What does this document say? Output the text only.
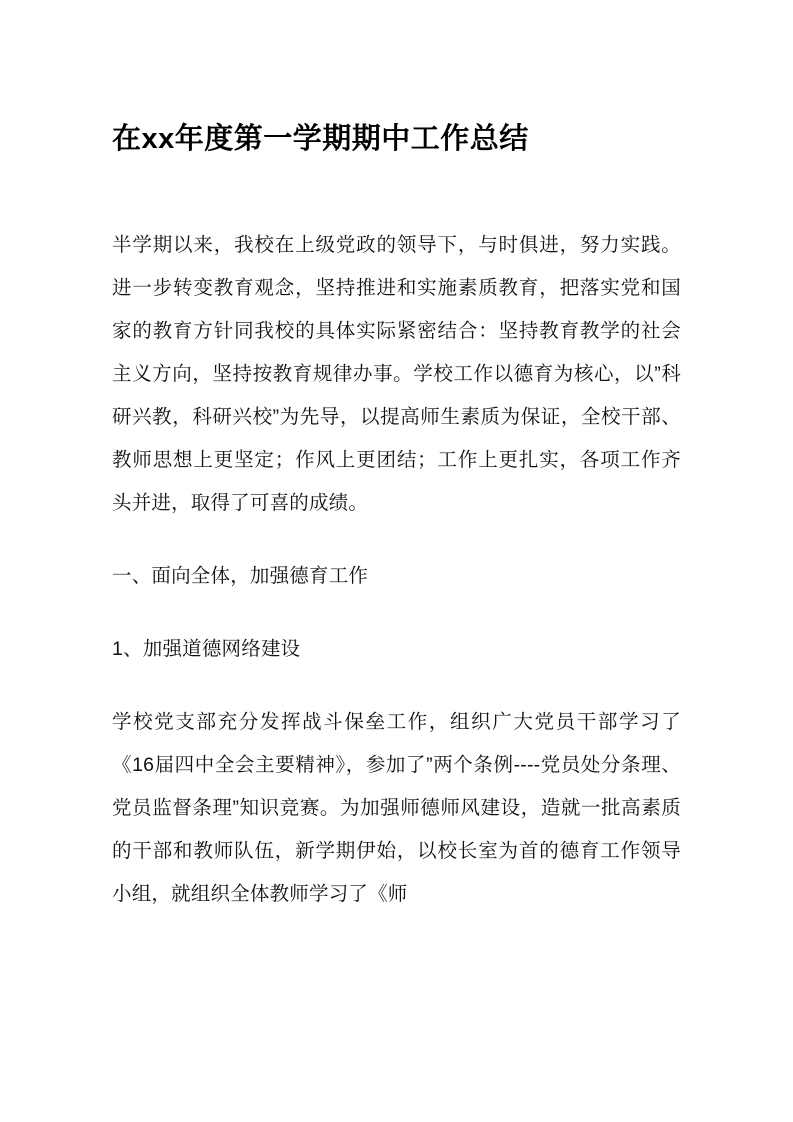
在xx年度第一学期期中工作总结

半学期以来，我校在上级党政的领导下，与时俱进，努力实践。进一步转变教育观念，坚持推进和实施素质教育，把落实党和国家的教育方针同我校的具体实际紧密结合：坚持教育教学的社会主义方向，坚持按教育规律办事。学校工作以德育为核心，以”科研兴教，科研兴校”为先导，以提高师生素质为保证，全校干部、教师思想上更坚定；作风上更团结；工作上更扎实，各项工作齐头并进，取得了可喜的成绩。

一、面向全体，加强德育工作

1、加强道德网络建设

学校党支部充分发挥战斗保垒工作，组织广大党员干部学习了《16届四中全会主要精神》，参加了”两个条例----党员处分条理、党员监督条理”知识竞赛。为加强师德师风建设，造就一批高素质的干部和教师队伍，新学期伊始，以校长室为首的德育工作领导小组，就组织全体教师学习了《师
